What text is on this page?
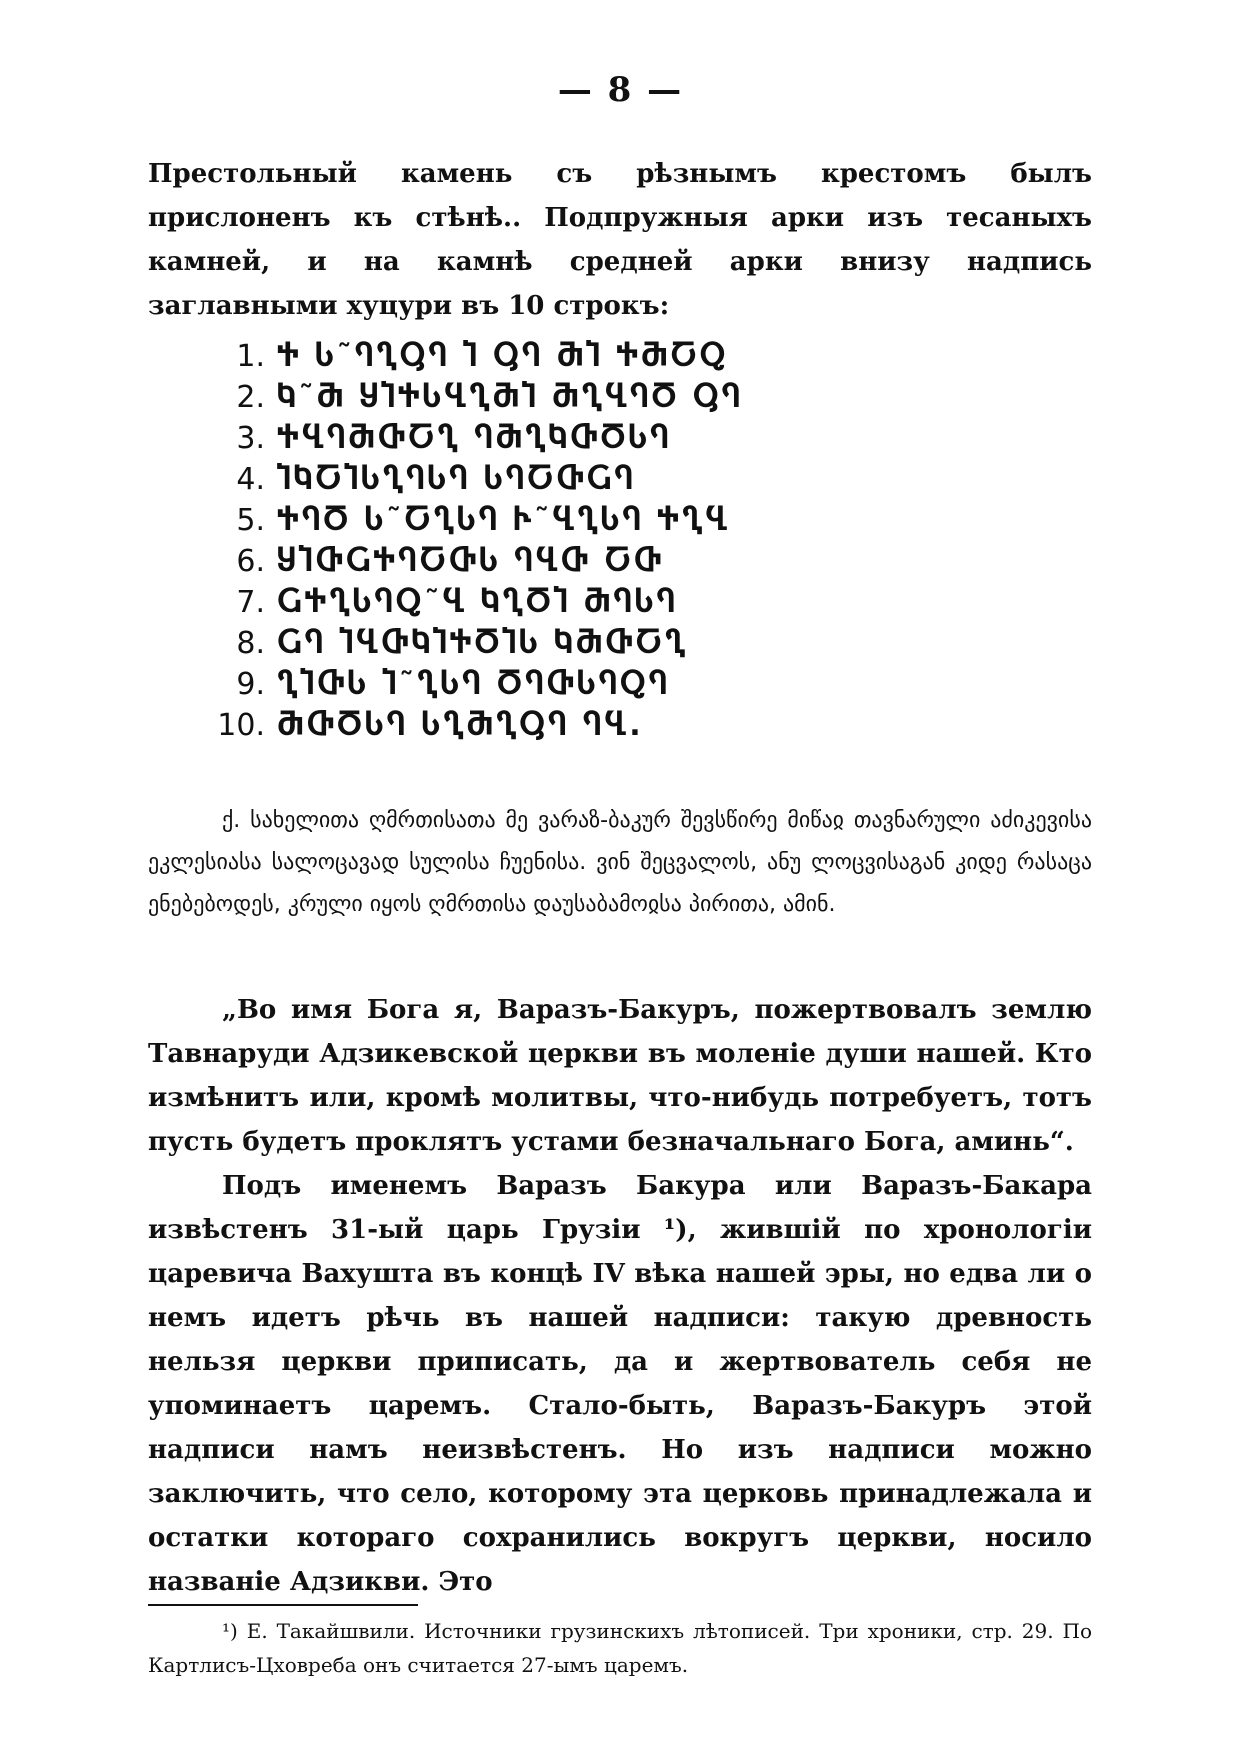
— 8 —
Престольный камень съ рѣзнымъ крестомъ былъ прислоненъ къ стѣнѣ.. Подпружныя арки изъ тесаныхъ камней, и на камнѣ средней арки внизу надпись заглавными хуцури въ 10 строкъ:
1. Ⴕ Ⴑ˜ႤႢႳႤ Ⴈ ႳႤ ႫႨ ႵႫႠႭ
2. Ⴉ˜Ⴋ ႸႨႵႱႡႢႫႨ ႫႢႡႤႣ ႳႤ
3. ႵႡႤႫႧႠႢ ႤႫႢႩႧႣႱႤ
4. ႨႩႠႨႱႢႤႱႤ ႱႤႠႧႺႤ
5. ႵႤႣ Ⴑ˜ႠႢႱႤ Ⴡ˜ႡႢႱႤ ႵႢႡ
6. ႸႨႧႺႵႤႠႧႱ ႤႡႧ ႠႧ
7. ႺႵႢႱႤႭ˜Ⴁ ႩႢႣႨ ႫႤႱႤ
8. ႺႤ ႨႡႧႩႨႵႣႨႱ ႩႫႧႠႢ
9. ႢႨႧႱ Ⴈ˜ႢႱႤ ႣႤႧႱႤႭႤ
10. ႫႧႣႱႤ ႱႢႫႢႳႤ ႤႡ.
ქ. სახელითა ღმრთისათა მე ვარაზ-ბაკურ შევსწირე მიწაჲ თავნარული აძიკევისა ეკლესიასა სალოცავად სულისა ჩუენისა. ვინ შეცვალოს, ანუ ლოცვისაგან კიდე რასაცა ენებებოდეს, კრული იყოს ღმრთისა დაუსაბამოჲსა პირითა, ამინ.
„Во имя Бога я, Варазъ-Бакуръ, пожертвовалъ землю Тавнаруди Адзикевской церкви въ моленіе души нашей. Кто измѣнитъ или, кромѣ молитвы, что-нибудь потребуетъ, тотъ пусть будетъ проклятъ устами безначальнаго Бога, аминь“.
Подъ именемъ Варазъ Бакура или Варазъ-Бакара извѣстенъ 31-ый царь Грузіи ¹), жившій по хронологіи царевича Вахушта въ концѣ IV вѣка нашей эры, но едва ли о немъ идетъ рѣчь въ нашей надписи: такую древность нельзя церкви приписать, да и жертвователь себя не упоминаетъ царемъ. Стало-быть, Варазъ-Бакуръ этой надписи намъ неизвѣстенъ. Но изъ надписи можно заключить, что село, которому эта церковь принадлежала и остатки котораго сохранились вокругъ церкви, носило названіе Адзикви. Это
¹) Е. Такайшвили. Источники грузинскихъ лѣтописей. Три хроники, стр. 29. По Картлисъ-Цховреба онъ считается 27-ымъ царемъ.
